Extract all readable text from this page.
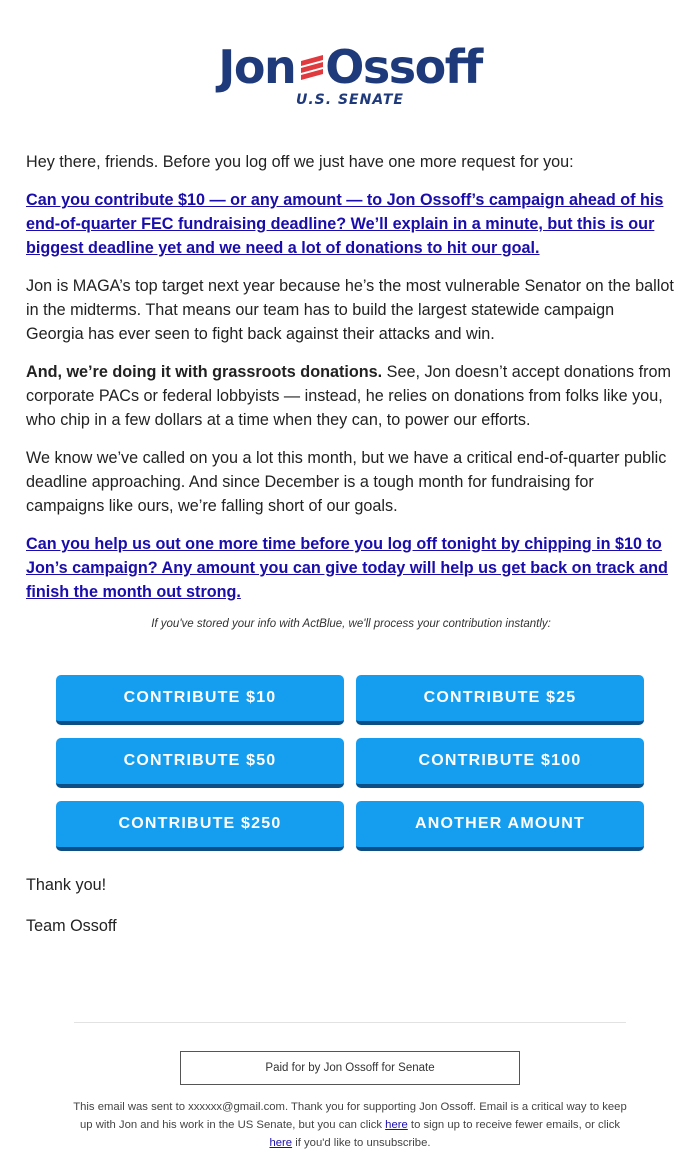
Jon Ossoff
U.S. SENATE

Hey there, friends. Before you log off we just have one more request for you:

Can you contribute $10 — or any amount — to Jon Ossoff’s campaign ahead of his end-of-quarter FEC fundraising deadline? We’ll explain in a minute, but this is our biggest deadline yet and we need a lot of donations to hit our goal.

Jon is MAGA’s top target next year because he’s the most vulnerable Senator on the ballot in the midterms. That means our team has to build the largest statewide campaign Georgia has ever seen to fight back against their attacks and win.

And, we’re doing it with grassroots donations. See, Jon doesn’t accept donations from corporate PACs or federal lobbyists — instead, he relies on donations from folks like you, who chip in a few dollars at a time when they can, to power our efforts.

We know we’ve called on you a lot this month, but we have a critical end-of-quarter public deadline approaching. And since December is a tough month for fundraising for campaigns like ours, we’re falling short of our goals.

Can you help us out one more time before you log off tonight by chipping in $10 to Jon’s campaign? Any amount you can give today will help us get back on track and finish the month out strong.
If you've stored your info with ActBlue, we'll process your contribution instantly:
CONTRIBUTE $10	CONTRIBUTE $25
CONTRIBUTE $50	CONTRIBUTE $100
CONTRIBUTE $250	ANOTHER AMOUNT
Thank you!
Team Ossoff
Paid for by Jon Ossoff for Senate
This email was sent to xxxxxx@gmail.com. Thank you for supporting Jon Ossoff. Email is a critical way to keep up with Jon and his work in the US Senate, but you can click here to sign up to receive fewer emails, or click here if you'd like to unsubscribe.
